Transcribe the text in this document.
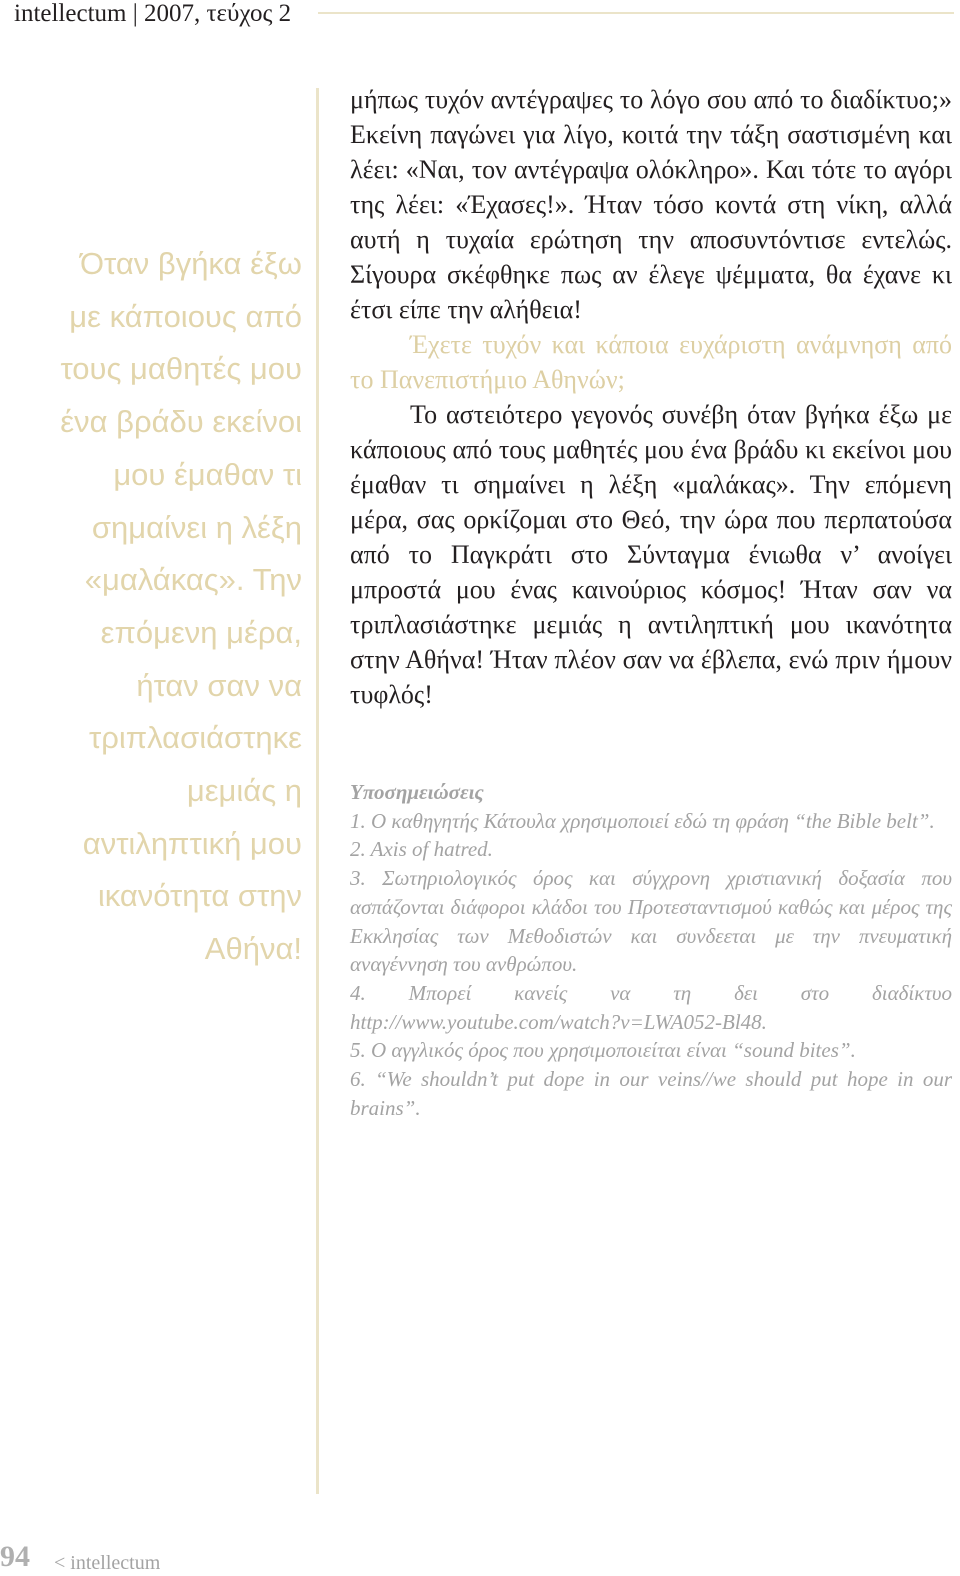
intellectum | 2007, τεύχος 2

Όταν βγήκα έξω με κάποιους από τους μαθητές μου ένα βράδυ εκείνοι μου έμαθαν τι σημαίνει η λέξη «μαλάκας». Την επόμενη μέρα, ήταν σαν να τριπλασιάστηκε μεμιάς η αντιληπτική μου ικανότητα στην Αθήνα!

μήπως τυχόν αντέγραψες το λόγο σου από το διαδίκτυο;» Εκείνη παγώνει για λίγο, κοιτά την τάξη σαστισμένη και λέει: «Ναι, τον αντέγραψα ολόκληρο». Και τότε το αγόρι της λέει: «Έχασες!». Ήταν τόσο κοντά στη νίκη, αλλά αυτή η τυχαία ερώτηση την αποσυντόντισε εντελώς. Σίγουρα σκέφθηκε πως αν έλεγε ψέμματα, θα έχανε κι έτσι είπε την αλήθεια!

Έχετε τυχόν και κάποια ευχάριστη ανάμνηση από το Πανεπιστήμιο Αθηνών;

Το αστειότερο γεγονός συνέβη όταν βγήκα έξω με κάποιους από τους μαθητές μου ένα βράδυ κι εκείνοι μου έμαθαν τι σημαίνει η λέξη «μαλάκας». Την επόμενη μέρα, σας ορκίζομαι στο Θεό, την ώρα που περπατούσα από το Παγκράτι στο Σύνταγμα ένιωθα ν’ ανοίγει μπροστά μου ένας καινούριος κόσμος! Ήταν σαν να τριπλασιάστηκε μεμιάς η αντιληπτική μου ικανότητα στην Αθήνα! Ήταν πλέον σαν να έβλεπα, ενώ πριν ήμουν τυφλός!

Υποσημειώσεις

1. Ο καθηγητής Κάτουλα χρησιμοποιεί εδώ τη φράση “the Bible belt”.
2. Axis of hatred.
3. Σωτηριολογικός όρος και σύγχρονη χριστιανική δοξασία που ασπάζονται διάφοροι κλάδοι του Προτεσταντισμού καθώς και μέρος της Εκκλησίας των Μεθοδιστών και συνδεεται με την πνευματική αναγέννηση του ανθρώπου.
4. Μπορεί κανείς να τη δει στο διαδίκτυο http://www.youtube.com/watch?v=LWA052-Bl48.
5. Ο αγγλικός όρος που χρησιμοποιείται είναι “sound bites”.
6. “We shouldn’t put dope in our veins//we should put hope in our brains”.
94 < intellectum
